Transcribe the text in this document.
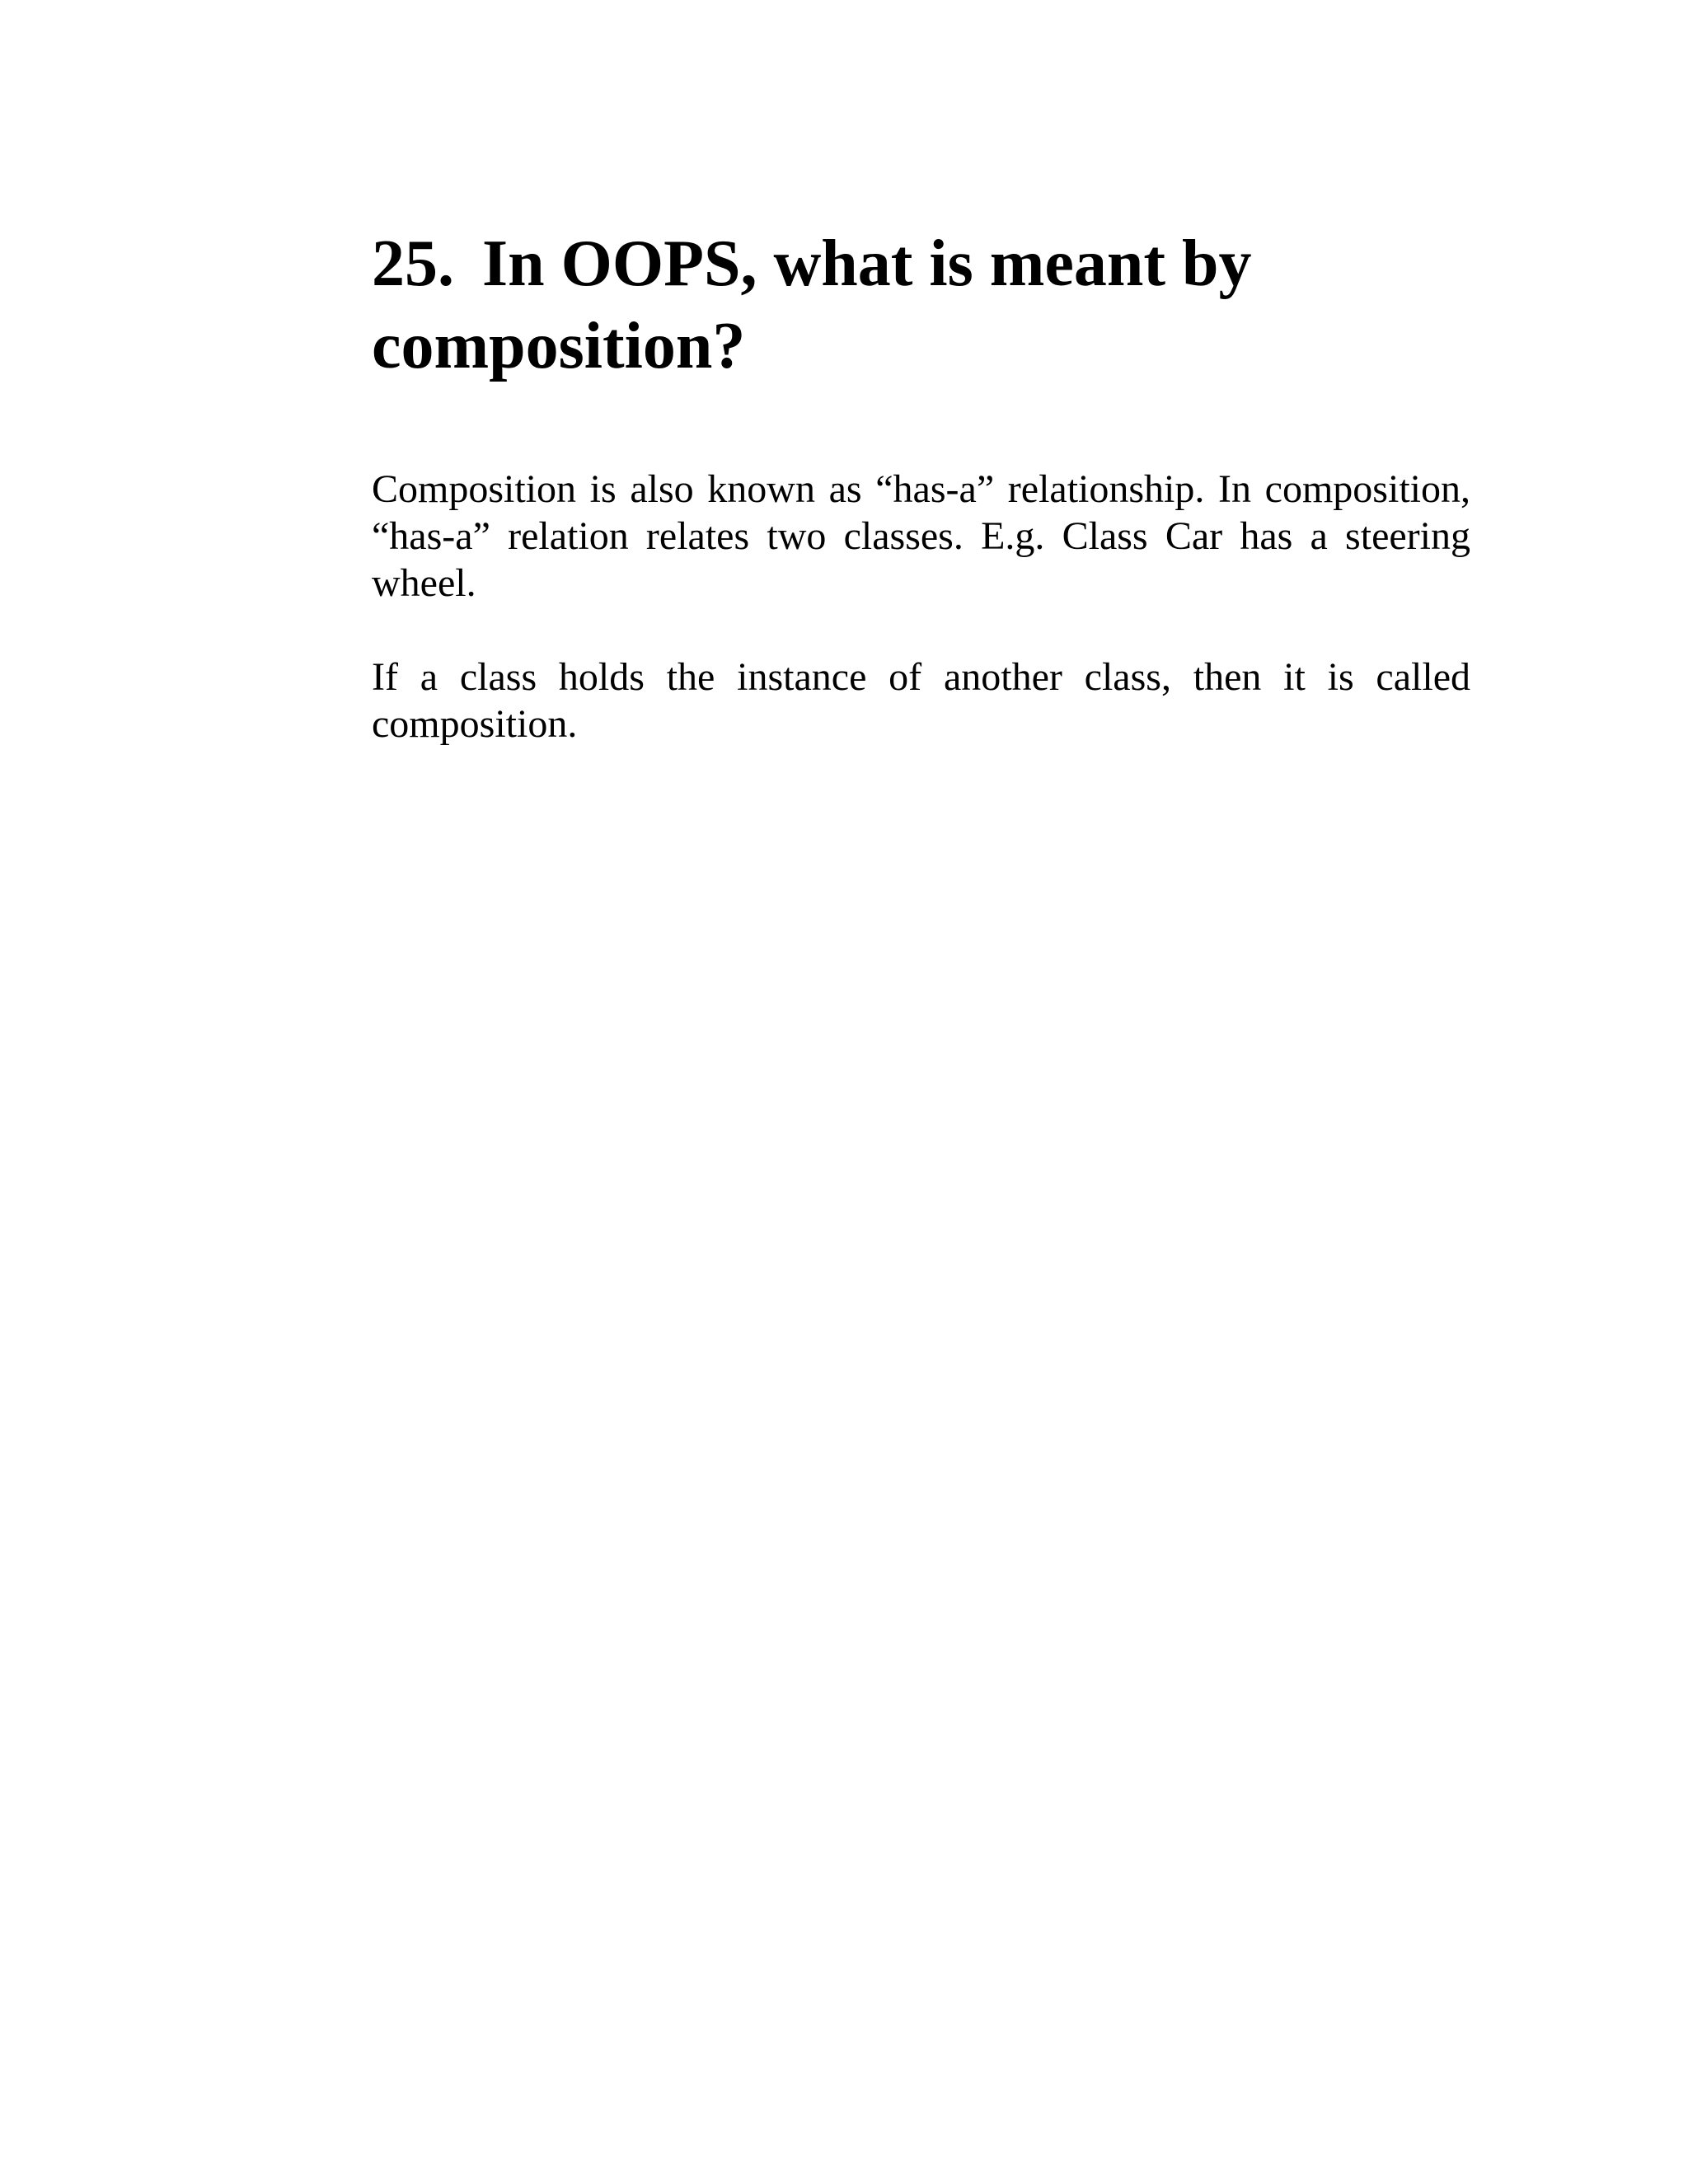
25. In OOPS, what is meant by composition?

Composition is also known as “has-a” relationship. In composition, “has-a” relation relates two classes. E.g. Class Car has a steering wheel.

If a class holds the instance of another class, then it is called composition.
